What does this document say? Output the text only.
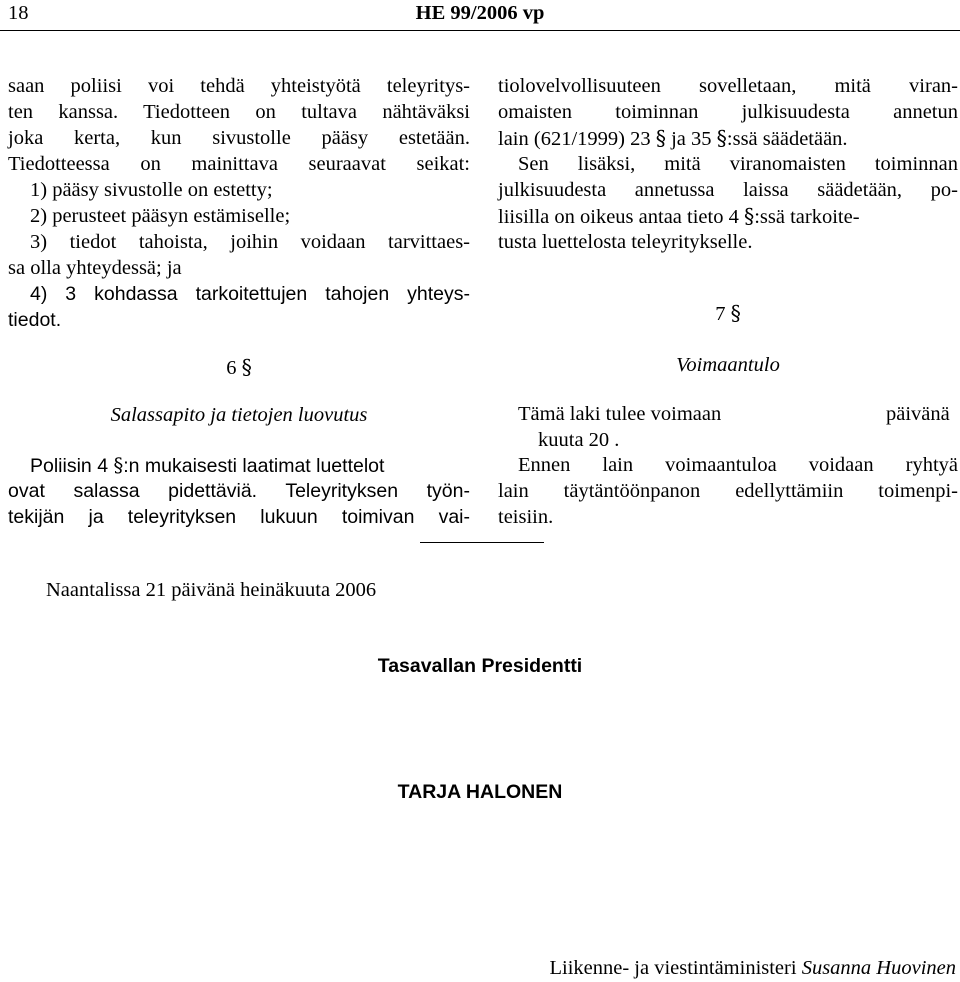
18	HE 99/2006 vp
saan poliisi voi tehdä yhteistyötä teleyritys-
ten kanssa. Tiedotteen on tultava nähtäväksi
joka kerta, kun sivustolle pääsy estetään.
Tiedotteessa on mainittava seuraavat seikat:
1) pääsy sivustolle on estetty;
2) perusteet pääsyn estämiselle;
3) tiedot tahoista, joihin voidaan tarvittaes-
sa olla yhteydessä; ja
4) 3 kohdassa tarkoitettujen tahojen yhteys-
tiedot.
6 §
Salassapito ja tietojen luovutus
Poliisin 4 §:n mukaisesti laatimat luettelot
ovat salassa pidettäviä. Teleyrityksen työn-
tekijän ja teleyrityksen lukuun toimivan vai-
tiolovelvollisuuteen sovelletaan, mitä viran-
omaisten toiminnan julkisuudesta annetun
lain (621/1999) 23 § ja 35 §:ssä säädetään.
Sen lisäksi, mitä viranomaisten toiminnan
julkisuudesta annetussa laissa säädetään, po-
liisilla on oikeus antaa tieto 4 §:ssä tarkoite-
tusta luettelosta teleyritykselle.
7 §
Voimaantulo
Tämä laki tulee voimaan	päivänä
kuuta 20 .
Ennen lain voimaantuloa voidaan ryhtyä
lain täytäntöönpanon edellyttämiin toimenpi-
teisiin.
Naantalissa 21 päivänä heinäkuuta 2006
Tasavallan Presidentti
TARJA HALONEN
Liikenne- ja viestintäministeri Susanna Huovinen
